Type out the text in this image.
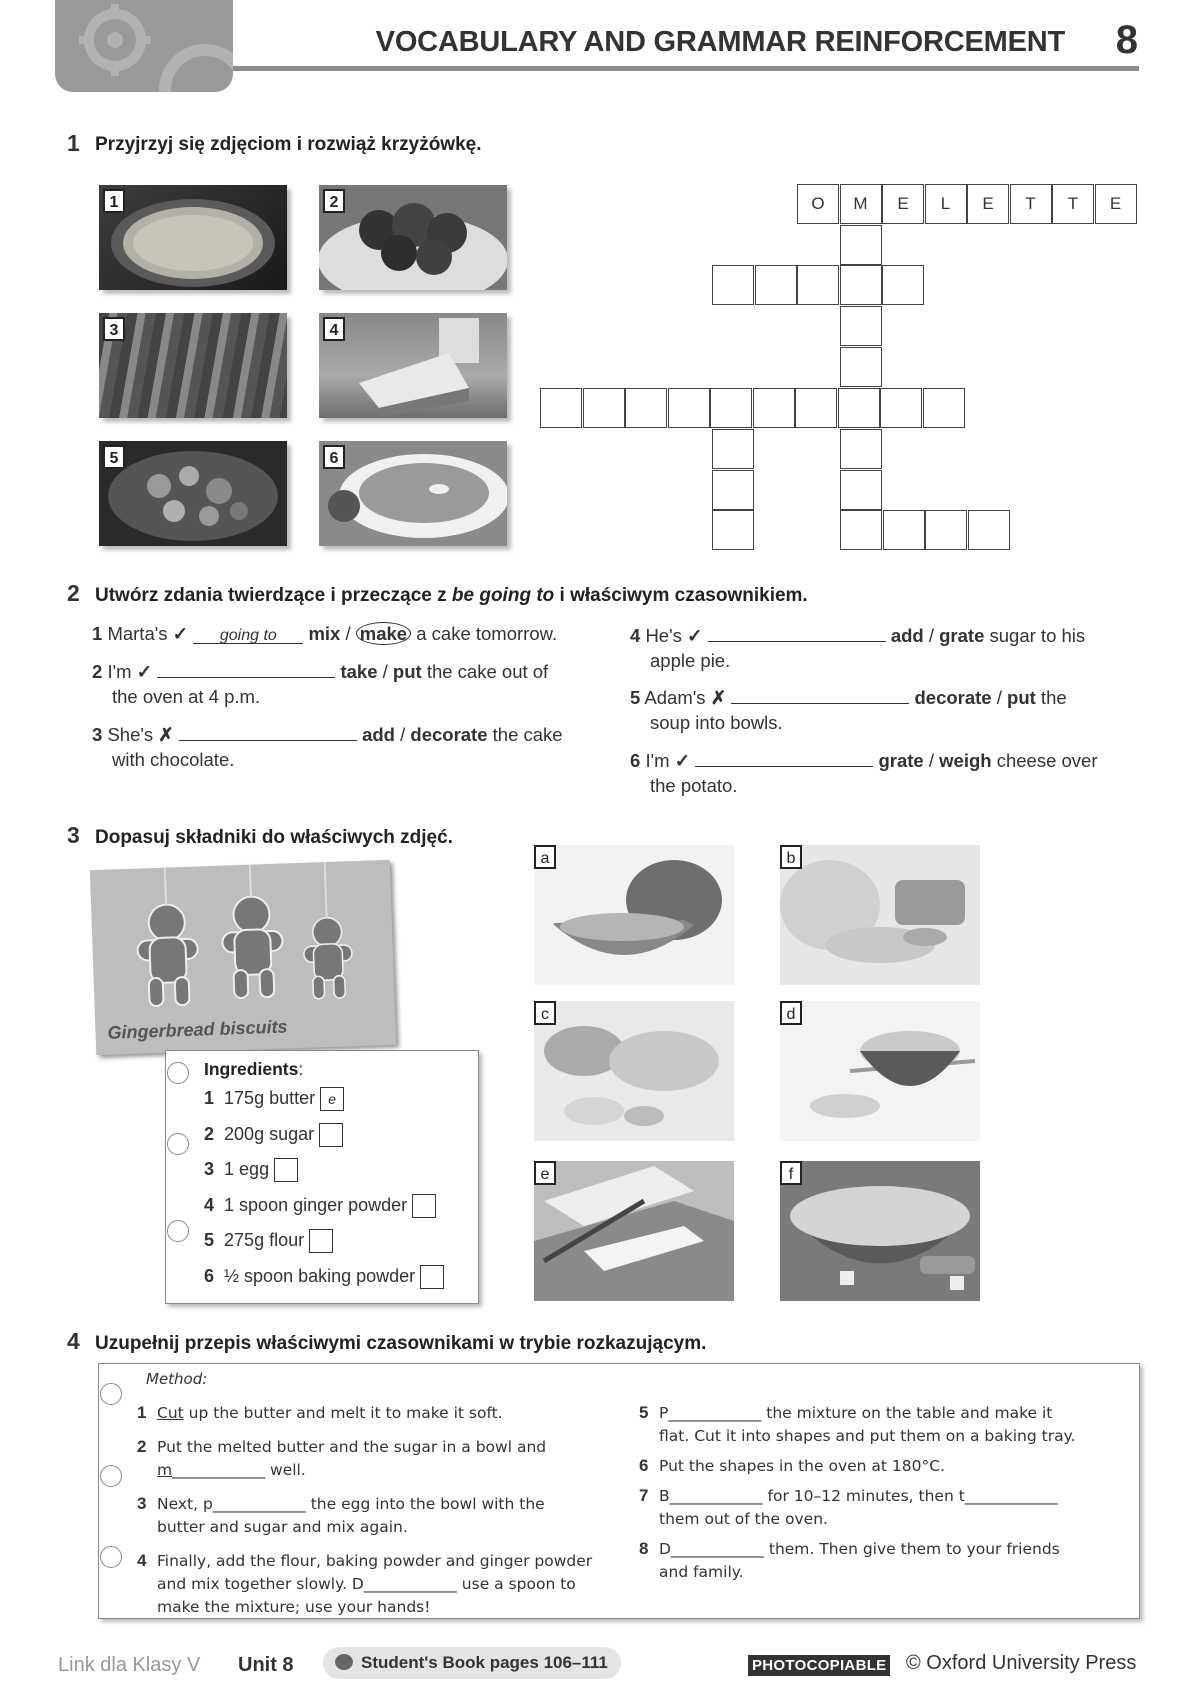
VOCABULARY AND GRAMMAR REINFORCEMENT 8
1 Przyjrzyj się zdjęciom i rozwiąż krzyżówkę.
1	2
3	4
5	6
O	M	E	L	E	T	T	E
2 Utwórz zdania twierdzące i przeczące z be going to i właściwym czasownikiem.
1 Marta's ✓ going to mix / make a cake tomorrow.

2 I'm ✓	take / put the cake out of
the oven at 4 p.m.
3 She's ✗	add / decorate the cake
with chocolate.
4 He's ✓	add / grate sugar to his
apple pie.
5 Adam's ✗	decorate / put the
soup into bowls.
6 I'm ✓	grate / weigh cheese over
the potato.
3 Dopasuj składniki do właściwych zdjęć.
Gingerbread biscuits
Ingredients:
1 175g butter e
2 200g sugar
3 1 egg
4 1 spoon ginger powder
5 275g flour
6 ½ spoon baking powder
a	b
c	d
e	f
4 Uzupełnij przepis właściwymi czasownikami w trybie rozkazującym.
Method:
1 Cut up the butter and melt it to make it soft.
2 Put the melted butter and the sugar in a bowl and
m____________ well.
3 Next, p____________ the egg into the bowl with the
butter and sugar and mix again.
4 Finally, add the flour, baking powder and ginger powder
and mix together slowly. D____________ use a spoon to
make the mixture; use your hands!
5 P____________ the mixture on the table and make it
flat. Cut it into shapes and put them on a baking tray.
6 Put the shapes in the oven at 180°C.
7 B____________ for 10–12 minutes, then t____________
them out of the oven.
8 D____________ them. Then give them to your friends
and family.
Link dla Klasy V Unit 8	Student's Book pages 106–111	PHOTOCOPIABLE © Oxford University Press
